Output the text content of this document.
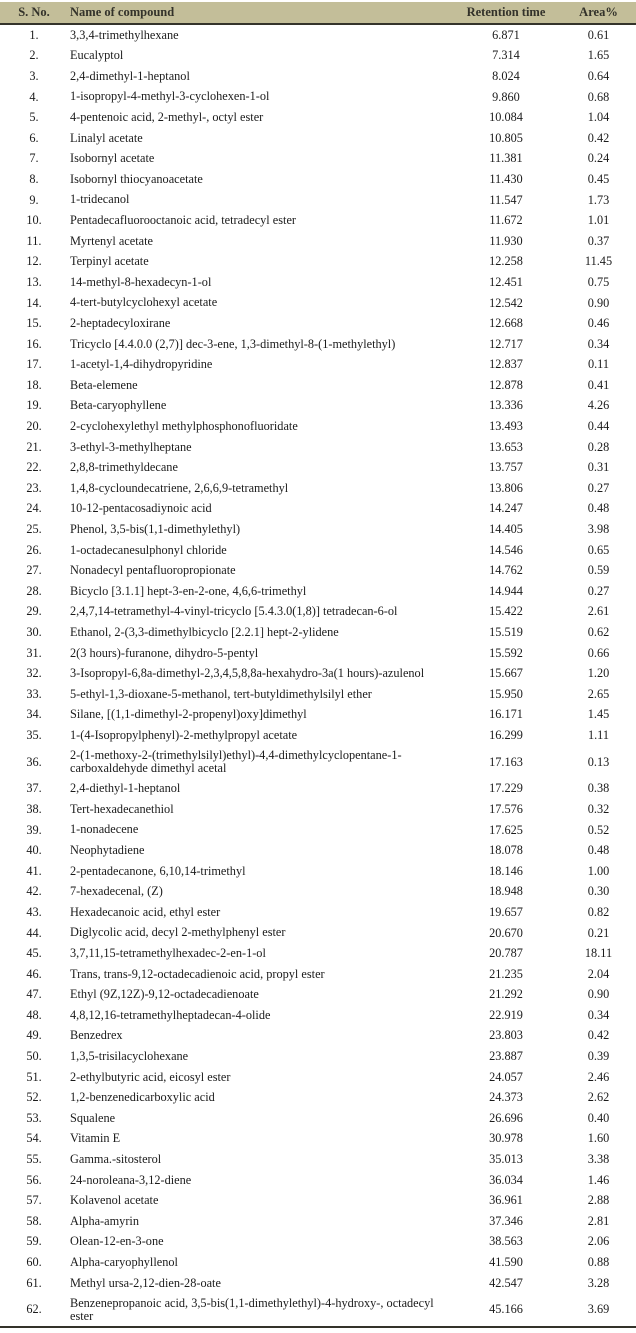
S. No.	Name of compound	Retention time	Area%
1.	3,3,4-trimethylhexane	6.871	0.61
2.	Eucalyptol	7.314	1.65
3.	2,4-dimethyl-1-heptanol	8.024	0.64
4.	1-isopropyl-4-methyl-3-cyclohexen-1-ol	9.860	0.68
5.	4-pentenoic acid, 2-methyl-, octyl ester	10.084	1.04
6.	Linalyl acetate	10.805	0.42
7.	Isobornyl acetate	11.381	0.24
8.	Isobornyl thiocyanoacetate	11.430	0.45
9.	1-tridecanol	11.547	1.73
10.	Pentadecafluorooctanoic acid, tetradecyl ester	11.672	1.01
11.	Myrtenyl acetate	11.930	0.37
12.	Terpinyl acetate	12.258	11.45
13.	14-methyl-8-hexadecyn-1-ol	12.451	0.75
14.	4-tert-butylcyclohexyl acetate	12.542	0.90
15.	2-heptadecyloxirane	12.668	0.46
16.	Tricyclo [4.4.0.0 (2,7)] dec-3-ene, 1,3-dimethyl-8-(1-methylethyl)	12.717	0.34
17.	1-acetyl-1,4-dihydropyridine	12.837	0.11
18.	Beta-elemene	12.878	0.41
19.	Beta-caryophyllene	13.336	4.26
20.	2-cyclohexylethyl methylphosphonofluoridate	13.493	0.44
21.	3-ethyl-3-methylheptane	13.653	0.28
22.	2,8,8-trimethyldecane	13.757	0.31
23.	1,4,8-cycloundecatriene, 2,6,6,9-tetramethyl	13.806	0.27
24.	10-12-pentacosadiynoic acid	14.247	0.48
25.	Phenol, 3,5-bis(1,1-dimethylethyl)	14.405	3.98
26.	1-octadecanesulphonyl chloride	14.546	0.65
27.	Nonadecyl pentafluoropropionate	14.762	0.59
28.	Bicyclo [3.1.1] hept-3-en-2-one, 4,6,6-trimethyl	14.944	0.27
29.	2,4,7,14-tetramethyl-4-vinyl-tricyclo [5.4.3.0(1,8)] tetradecan-6-ol	15.422	2.61
30.	Ethanol, 2-(3,3-dimethylbicyclo [2.2.1] hept-2-ylidene	15.519	0.62
31.	2(3 hours)-furanone, dihydro-5-pentyl	15.592	0.66
32.	3-Isopropyl-6,8a-dimethyl-2,3,4,5,8,8a-hexahydro-3a(1 hours)-azulenol	15.667	1.20
33.	5-ethyl-1,3-dioxane-5-methanol, tert-butyldimethylsilyl ether	15.950	2.65
34.	Silane, [(1,1-dimethyl-2-propenyl)oxy]dimethyl	16.171	1.45
35.	1-(4-Isopropylphenyl)-2-methylpropyl acetate	16.299	1.11
36.	2-(1-methoxy-2-(trimethylsilyl)ethyl)-4,4-dimethylcyclopentane-1-carboxaldehyde dimethyl acetal	17.163	0.13
37.	2,4-diethyl-1-heptanol	17.229	0.38
38.	Tert-hexadecanethiol	17.576	0.32
39.	1-nonadecene	17.625	0.52
40.	Neophytadiene	18.078	0.48
41.	2-pentadecanone, 6,10,14-trimethyl	18.146	1.00
42.	7-hexadecenal, (Z)	18.948	0.30
43.	Hexadecanoic acid, ethyl ester	19.657	0.82
44.	Diglycolic acid, decyl 2-methylphenyl ester	20.670	0.21
45.	3,7,11,15-tetramethylhexadec-2-en-1-ol	20.787	18.11
46.	Trans, trans-9,12-octadecadienoic acid, propyl ester	21.235	2.04
47.	Ethyl (9Z,12Z)-9,12-octadecadienoate	21.292	0.90
48.	4,8,12,16-tetramethylheptadecan-4-olide	22.919	0.34
49.	Benzedrex	23.803	0.42
50.	1,3,5-trisilacyclohexane	23.887	0.39
51.	2-ethylbutyric acid, eicosyl ester	24.057	2.46
52.	1,2-benzenedicarboxylic acid	24.373	2.62
53.	Squalene	26.696	0.40
54.	Vitamin E	30.978	1.60
55.	Gamma.-sitosterol	35.013	3.38
56.	24-noroleana-3,12-diene	36.034	1.46
57.	Kolavenol acetate	36.961	2.88
58.	Alpha-amyrin	37.346	2.81
59.	Olean-12-en-3-one	38.563	2.06
60.	Alpha-caryophyllenol	41.590	0.88
61.	Methyl ursa-2,12-dien-28-oate	42.547	3.28
62.	Benzenepropanoic acid, 3,5-bis(1,1-dimethylethyl)-4-hydroxy-, octadecyl ester	45.166	3.69
